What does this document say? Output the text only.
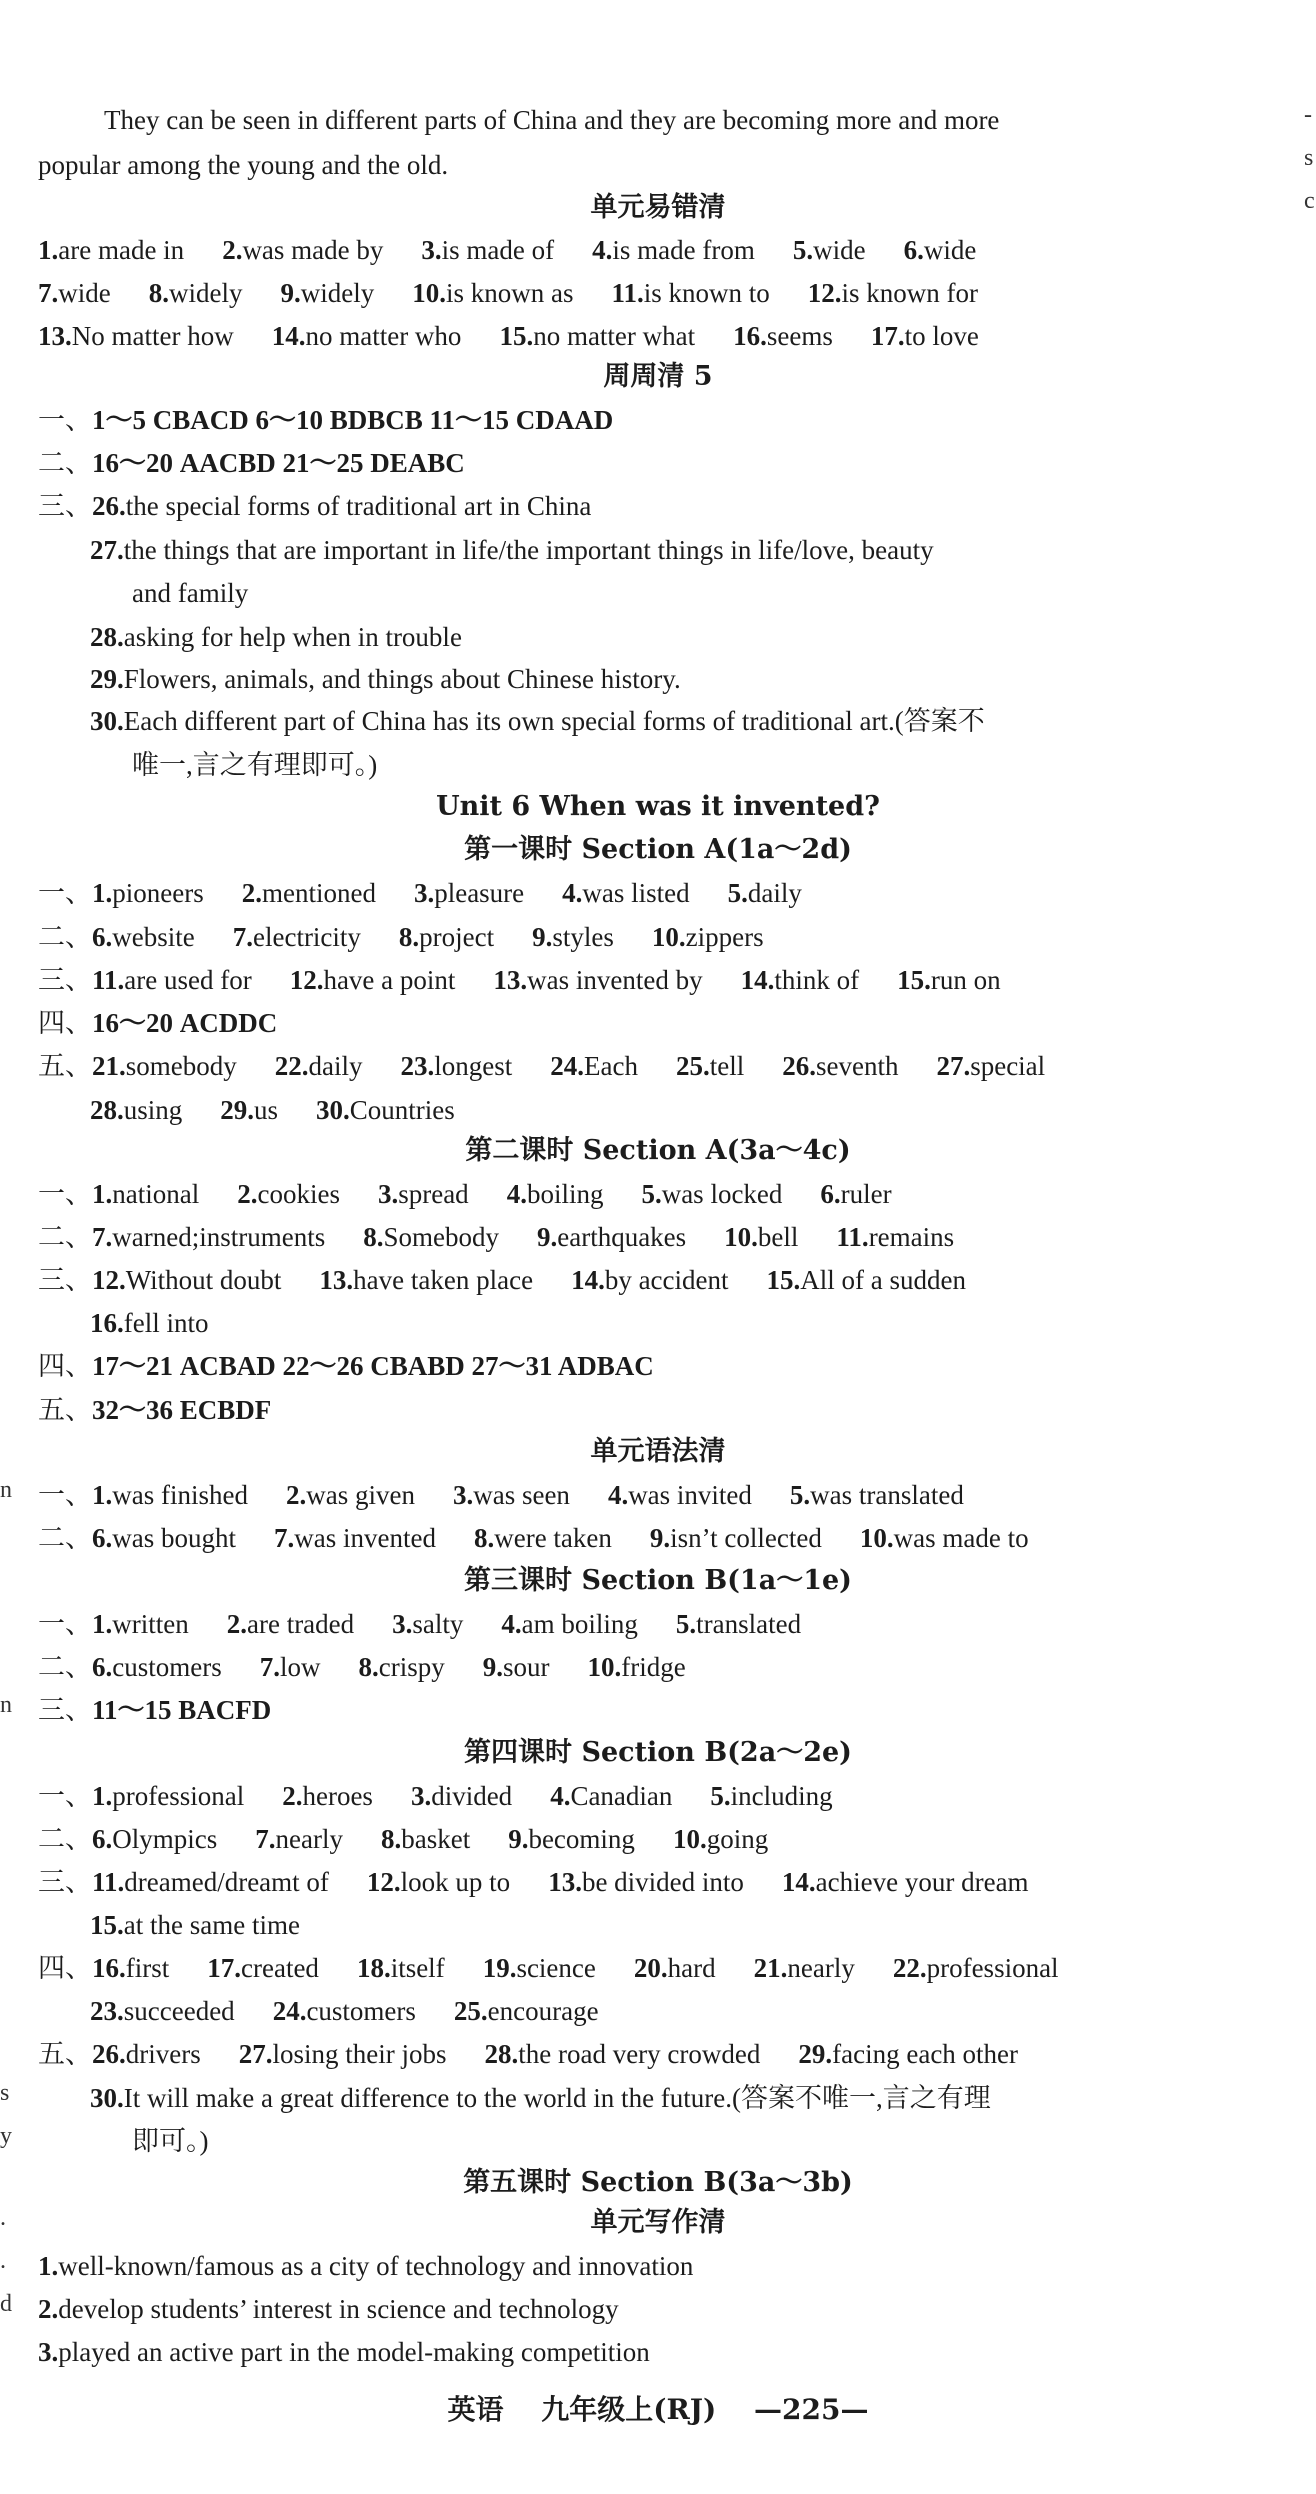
They can be seen in different parts of China and they are becoming more and more
popular among the young and the old.
单元易错清
1.are made in 2.was made by 3.is made of 4.is made from 5.wide 6.wide
7.wide 8.widely 9.widely 10.is known as 11.is known to 12.is known for
13.No matter how 14.no matter who 15.no matter what 16.seems 17.to love
周周清 5
一、1～5 CBACD 6～10 BDBCB 11～15 CDAAD
二、16～20 AACBD 21～25 DEABC
三、26.the special forms of traditional art in China
27.the things that are important in life/the important things in life/love, beauty
and family
28.asking for help when in trouble
29.Flowers, animals, and things about Chinese history.
30.Each different part of China has its own special forms of traditional art.(答案不
唯一,言之有理即可。)
Unit 6 When was it invented?
第一课时 Section A(1a～2d)
一、1.pioneers 2.mentioned 3.pleasure 4.was listed 5.daily
二、6.website 7.electricity 8.project 9.styles 10.zippers
三、11.are used for 12.have a point 13.was invented by 14.think of 15.run on
四、16～20 ACDDC
五、21.somebody 22.daily 23.longest 24.Each 25.tell 26.seventh 27.special
28.using 29.us 30.Countries
第二课时 Section A(3a～4c)
一、1.national 2.cookies 3.spread 4.boiling 5.was locked 6.ruler
二、7.warned;instruments 8.Somebody 9.earthquakes 10.bell 11.remains
三、12.Without doubt 13.have taken place 14.by accident 15.All of a sudden
16.fell into
四、17～21 ACBAD 22～26 CBABD 27～31 ADBAC
五、32～36 ECBDF
单元语法清
一、1.was finished 2.was given 3.was seen 4.was invited 5.was translated
二、6.was bought 7.was invented 8.were taken 9.isn’t collected 10.was made to
第三课时 Section B(1a～1e)
一、1.written 2.are traded 3.salty 4.am boiling 5.translated
二、6.customers 7.low 8.crispy 9.sour 10.fridge
三、11～15 BACFD
第四课时 Section B(2a～2e)
一、1.professional 2.heroes 3.divided 4.Canadian 5.including
二、6.Olympics 7.nearly 8.basket 9.becoming 10.going
三、11.dreamed/dreamt of 12.look up to 13.be divided into 14.achieve your dream
15.at the same time
四、16.first 17.created 18.itself 19.science 20.hard 21.nearly 22.professional
23.succeeded 24.customers 25.encourage
五、26.drivers 27.losing their jobs 28.the road very crowded 29.facing each other
30.It will make a great difference to the world in the future.(答案不唯一,言之有理
即可。)
第五课时 Section B(3a～3b)
单元写作清
1.well-known/famous as a city of technology and innovation
2.develop students’ interest in science and technology
3.played an active part in the model-making competition
英语 九年级上(RJ) —225—
n
n
s
y
.
.
d
-
s
c
